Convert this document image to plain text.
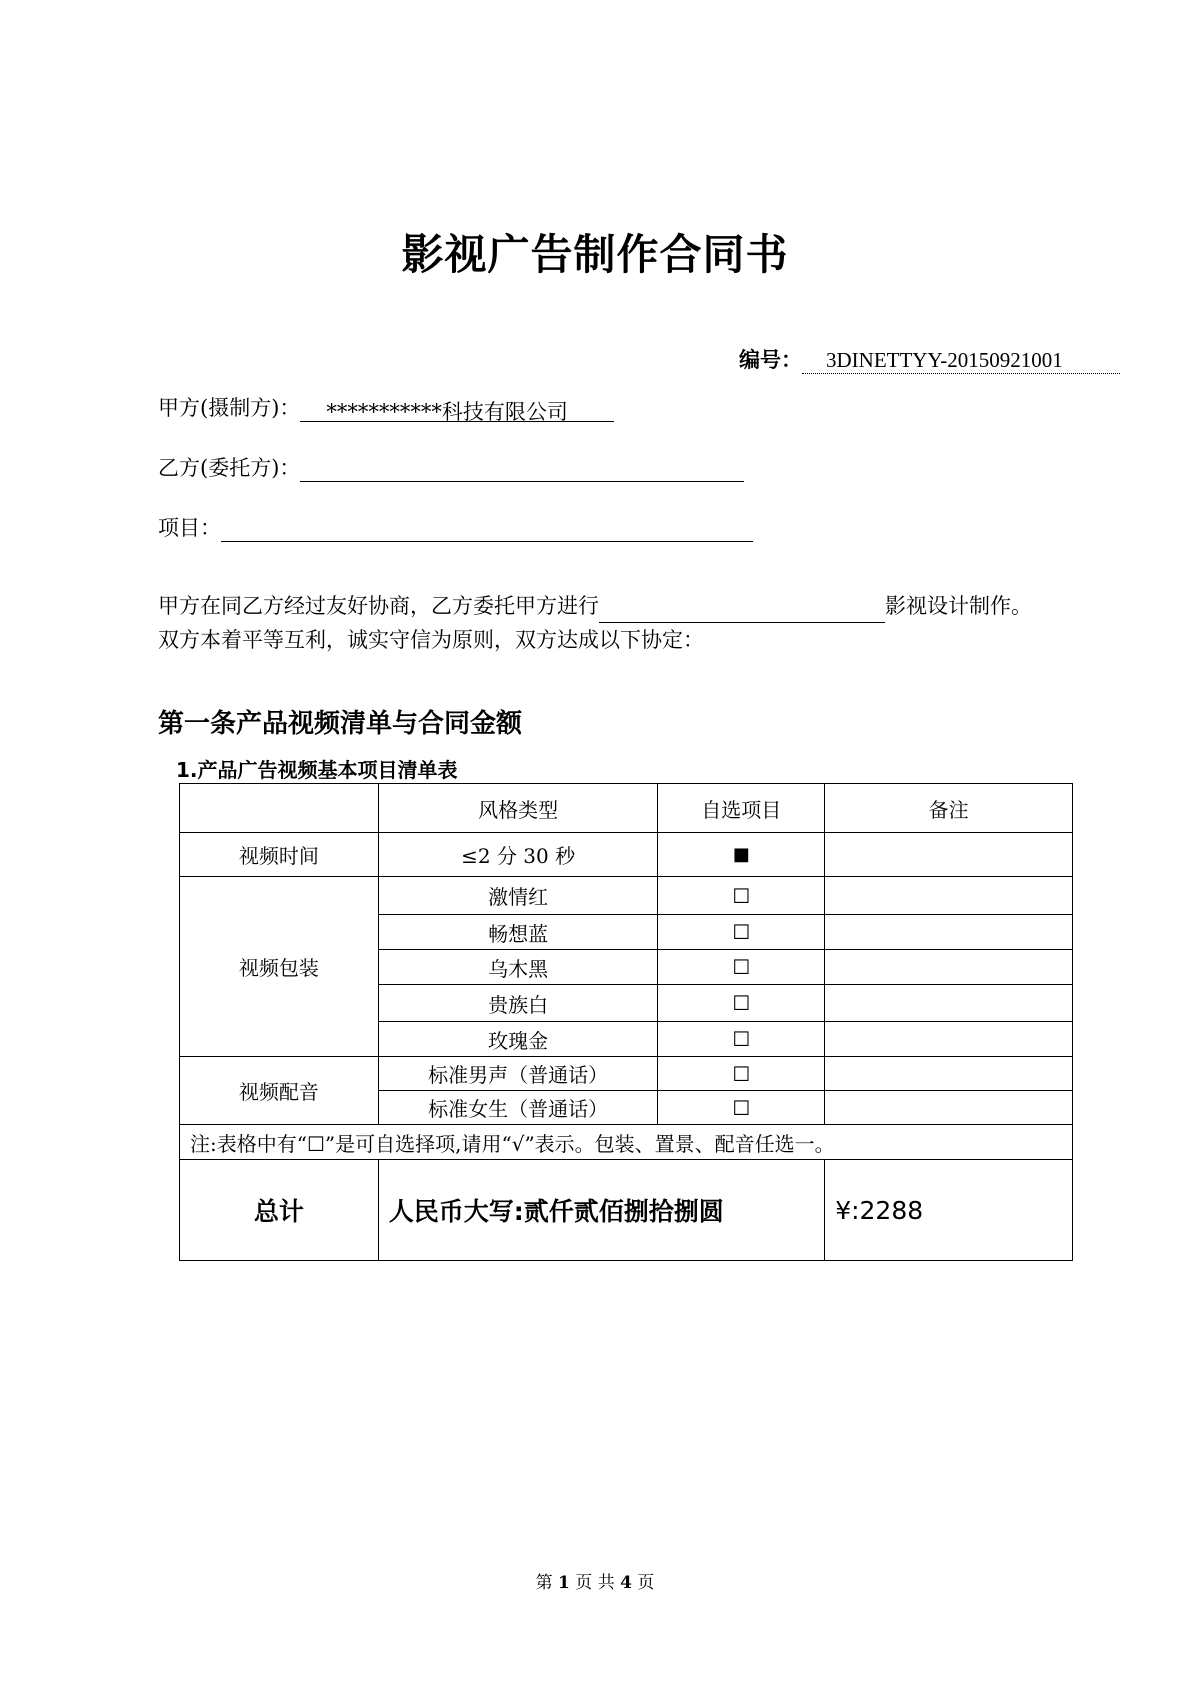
影视广告制作合同书
编号： 3DINETTYY-20150921001
甲方(摄制方)： ***********科技有限公司
乙方(委托方)：
项目：
甲方在同乙方经过友好协商，乙方委托甲方进行	影视设计制作。 双方本着平等互利，诚实守信为原则，双方达成以下协定：
第一条产品视频清单与合同金额
1.产品广告视频基本项目清单表
	风格类型	自选项目	备注
视频时间	≤2 分 30 秒	■	
视频包装	激情红	☐	
	畅想蓝	☐	
	乌木黑	☐	
	贵族白	☐	
	玫瑰金	☐	
视频配音	标准男声（普通话）	☐	
	标准女生（普通话）	☐	
注:表格中有“☐”是可自选择项,请用“√”表示。包装、置景、配音任选一。			
总计	人民币大写:贰仟贰佰捌拾捌圆		¥:2288
第 1 页 共 4 页
